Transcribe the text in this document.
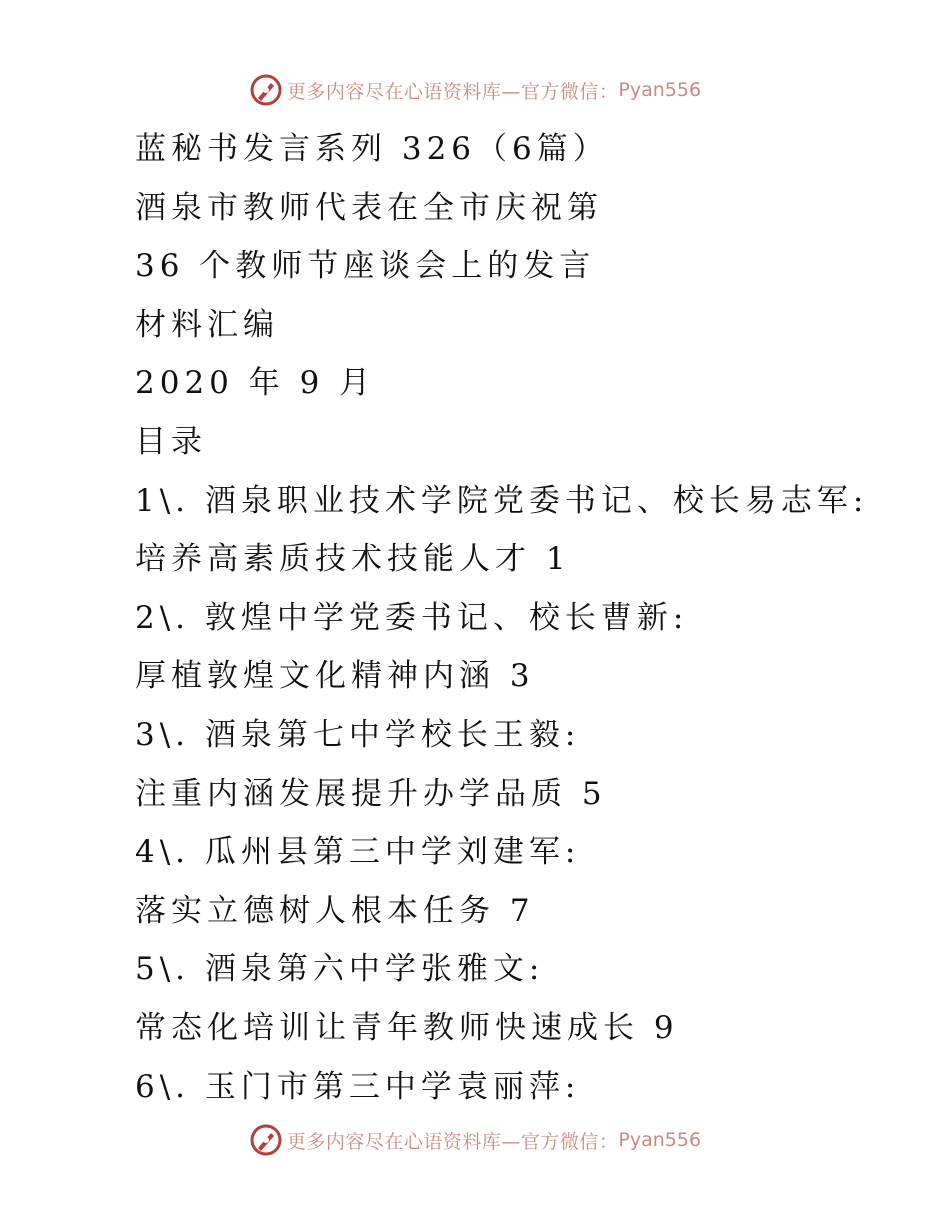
更多内容尽在心语资料库—官方微信： Pyan556
蓝秘书发言系列 326（6篇）
酒泉市教师代表在全市庆祝第
36 个教师节座谈会上的发言
材料汇编
2020 年 9 月
目录
1\. 酒泉职业技术学院党委书记、校长易志军:
培养高素质技术技能人才 1
2\. 敦煌中学党委书记、校长曹新:
厚植敦煌文化精神内涵 3
3\. 酒泉第七中学校长王毅:
注重内涵发展提升办学品质 5
4\. 瓜州县第三中学刘建军:
落实立德树人根本任务 7
5\. 酒泉第六中学张雅文:
常态化培训让青年教师快速成长 9
6\. 玉门市第三中学袁丽萍:
更多内容尽在心语资料库—官方微信： Pyan556
